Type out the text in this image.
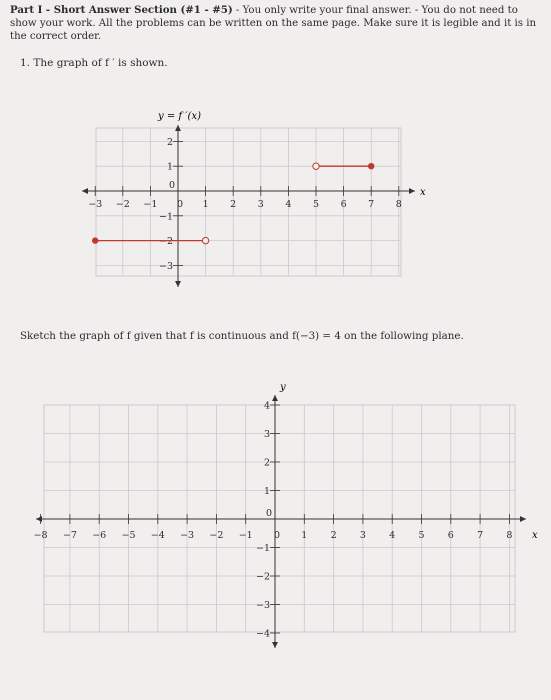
Part I - Short Answer Section (#1 - #5) - You only write your final answer. - You do not need to show your work. All the problems can be written on the same page. Make sure it is legible and it is in the correct order.
1. The graph of f ′ is shown.
y = f ′(x)
x
−3 −2 −1 0 1 2 3 4 5 6 7 8
2
1
−1
−2
−3
0
Sketch the graph of f given that f is continuous and f(−3) = 4 on the following plane.
y
x
−8 −7 −6 −5 −4 −3 −2 −1 0 1 2 3 4 5 6 7 8
4
3
2
1
−1
−2
−3
−4
0
